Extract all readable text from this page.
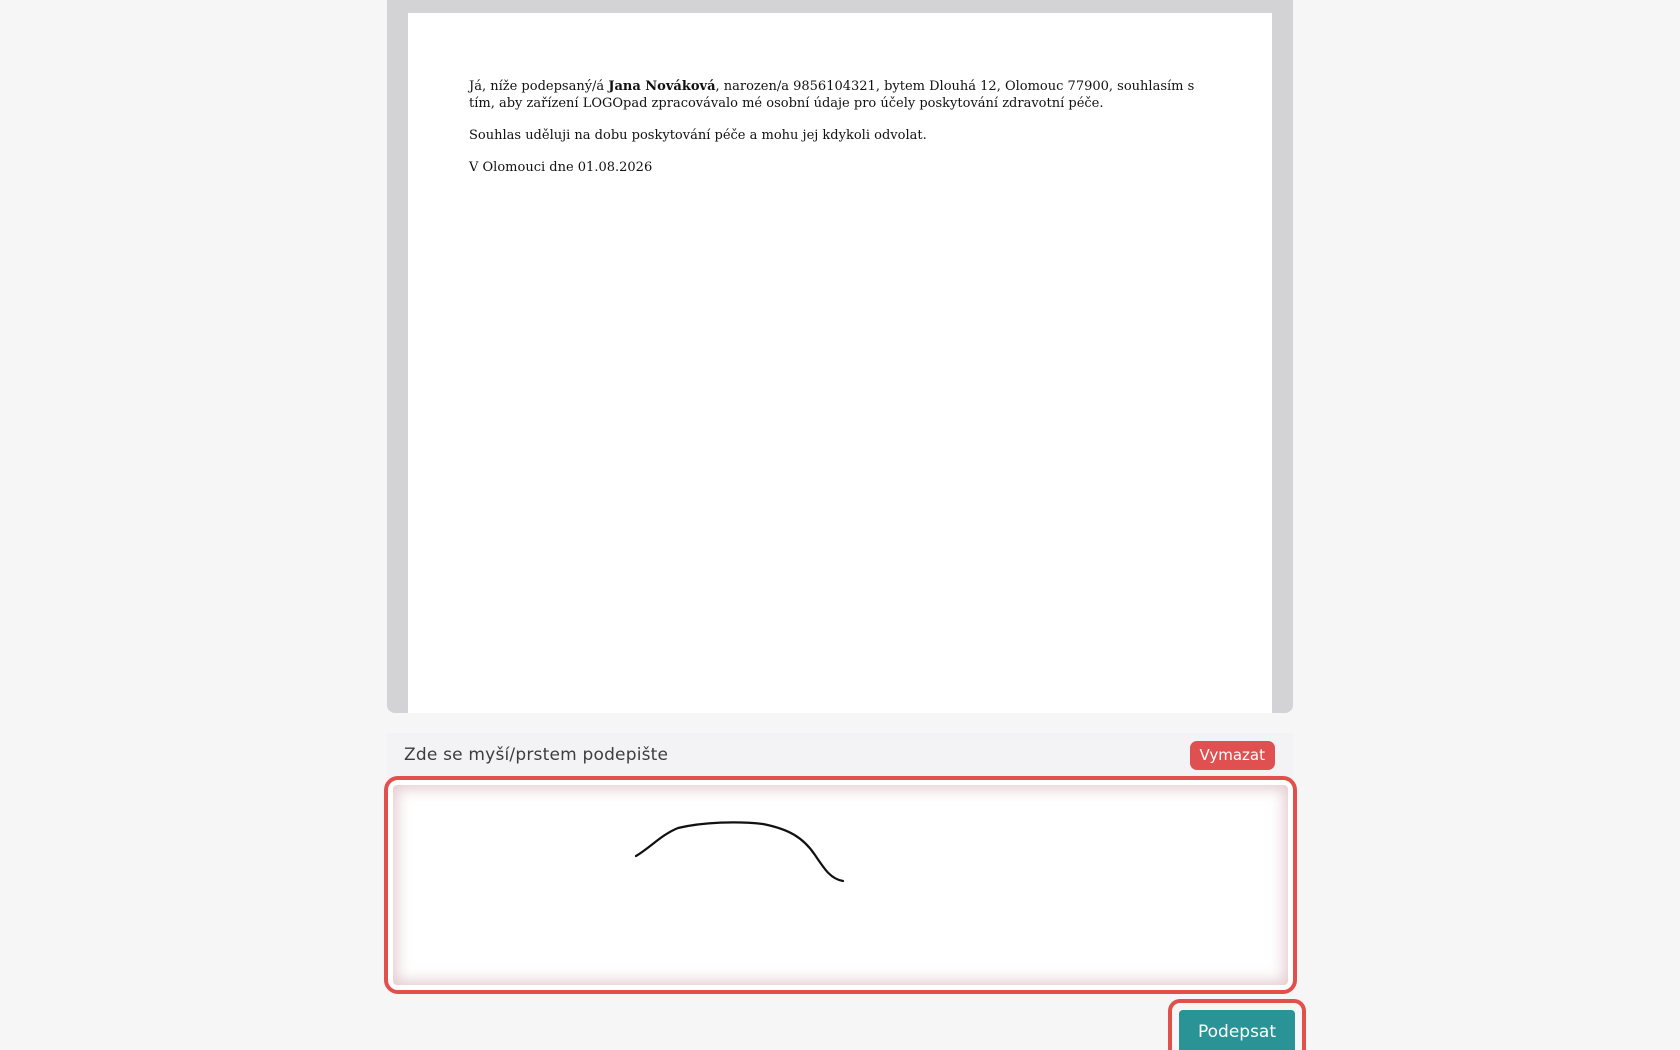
Já, níže podepsaný/á Jana Nováková, narozen/a 9856104321, bytem Dlouhá 12, Olomouc 77900, souhlasím s tím, aby zařízení LOGOpad zpracovávalo mé osobní údaje pro účely poskytování zdravotní péče.

Souhlas uděluji na dobu poskytování péče a mohu jej kdykoli odvolat.

V Olomouci dne 01.08.2026

Zde se myší/prstem podepište	Vymazat
Podepsat
